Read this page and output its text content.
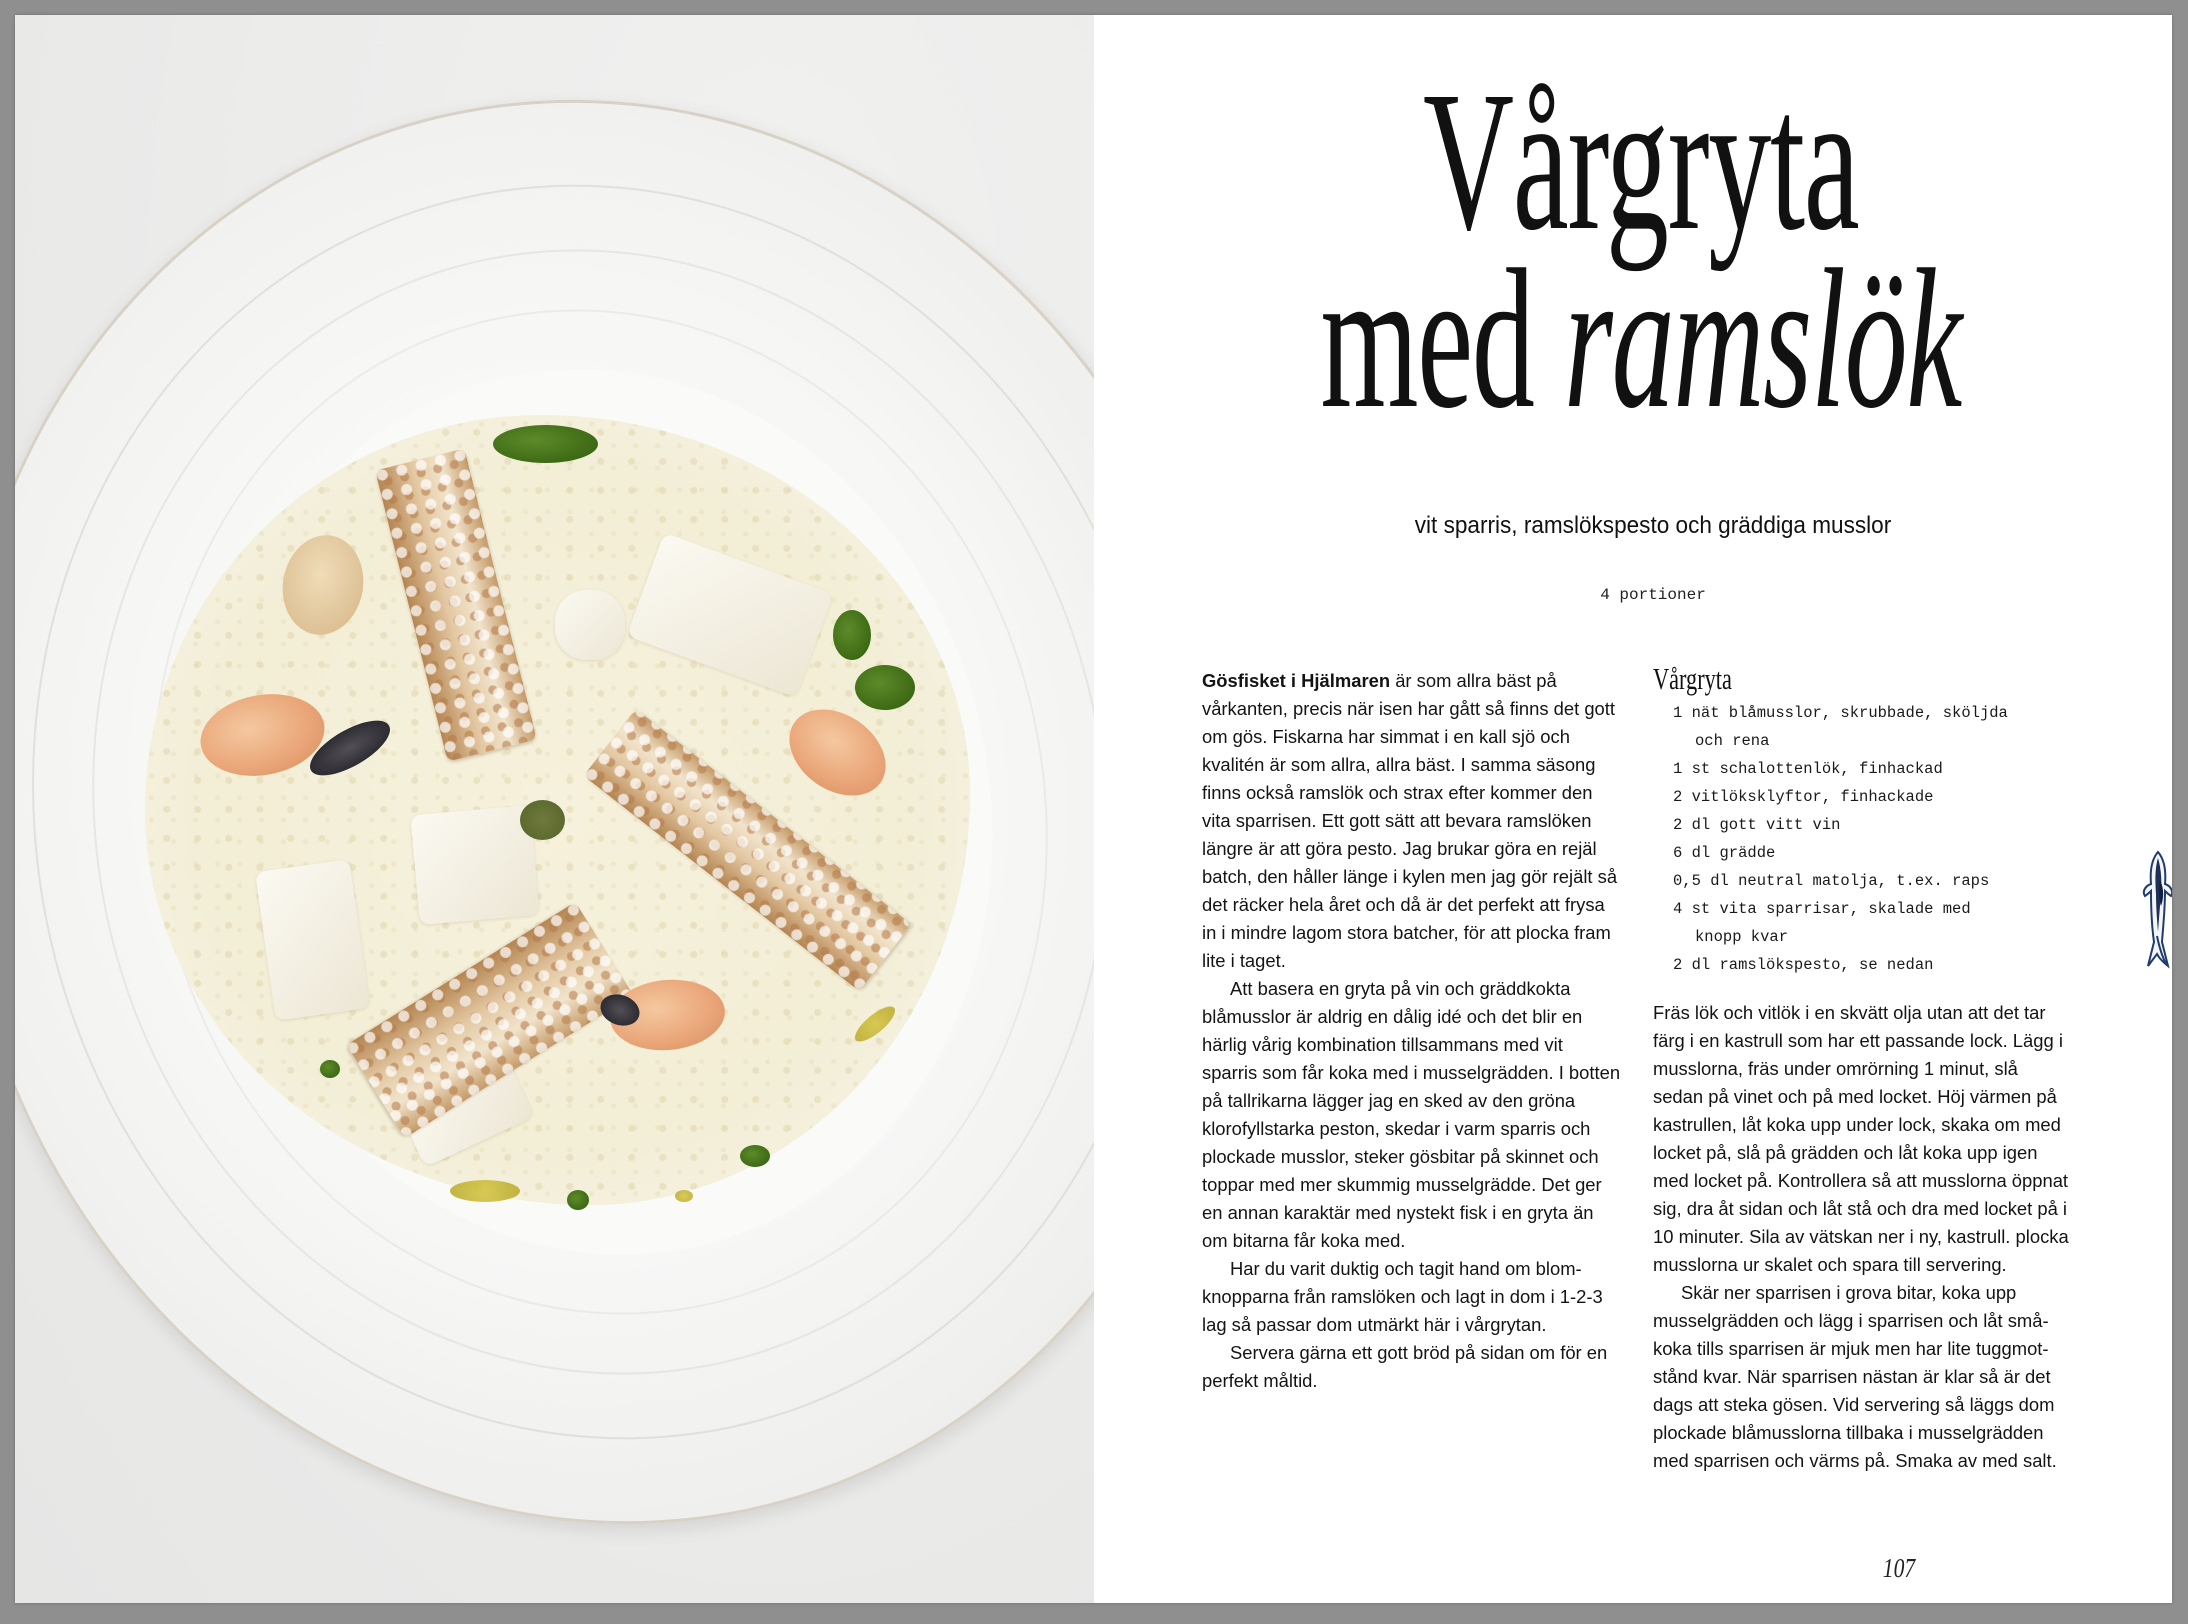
Vårgryta
med ramslök
vit sparris, ramslökspesto och gräddiga musslor
4 portioner

Gösfisket i Hjälmaren är som allra bäst på vårkanten, precis när isen har gått så finns det gott om gös. Fiskarna har simmat i en kall sjö och kvalitén är som allra, allra bäst. I samma säsong finns också ramslök och strax efter kommer den vita sparrisen. Ett gott sätt att bevara ramslöken längre är att göra pesto. Jag brukar göra en rejäl batch, den håller länge i kylen men jag gör rejält så det räcker hela året och då är det perfekt att frysa in i mindre lagom stora batcher, för att plocka fram lite i taget.

Att basera en gryta på vin och gräddkokta blåmusslor är aldrig en dålig idé och det blir en härlig vårig kombination tillsammans med vit sparris som får koka med i musselgrädden. I botten på tallrikarna lägger jag en sked av den gröna klorofyllstarka peston, skedar i varm sparris och plockade musslor, steker gösbitar på skinnet och toppar med mer skummig musselgrädde. Det ger en annan karaktär med nystekt fisk i en gryta än om bitarna får koka med.

Har du varit duktig och tagit hand om blom-knopparna från ramslöken och lagt in dom i 1-2-3 lag så passar dom utmärkt här i vårgrytan.

Servera gärna ett gott bröd på sidan om för en perfekt måltid.

Vårgryta
1 nät blåmusslor, skrubbade, sköljda
och rena
1 st schalottenlök, finhackad
2 vitlöksklyftor, finhackade
2 dl gott vitt vin
6 dl grädde
0,5 dl neutral matolja, t.ex. raps
4 st vita sparrisar, skalade med
knopp kvar
2 dl ramslökspesto, se nedan

Fräs lök och vitlök i en skvätt olja utan att det tar färg i en kastrull som har ett passande lock. Lägg i musslorna, fräs under omrörning 1 minut, slå sedan på vinet och på med locket. Höj värmen på kastrullen, låt koka upp under lock, skaka om med locket på, slå på grädden och låt koka upp igen med locket på. Kontrollera så att musslorna öppnat sig, dra åt sidan och låt stå och dra med locket på i 10 minuter. Sila av vätskan ner i ny, kastrull. plocka musslorna ur skalet och spara till servering.

Skär ner sparrisen i grova bitar, koka upp musselgrädden och lägg i sparrisen och låt små-koka tills sparrisen är mjuk men har lite tuggmot-stånd kvar. När sparrisen nästan är klar så är det dags att steka gösen. Vid servering så läggs dom plockade blåmusslorna tillbaka i musselgrädden med sparrisen och värms på. Smaka av med salt.

107
